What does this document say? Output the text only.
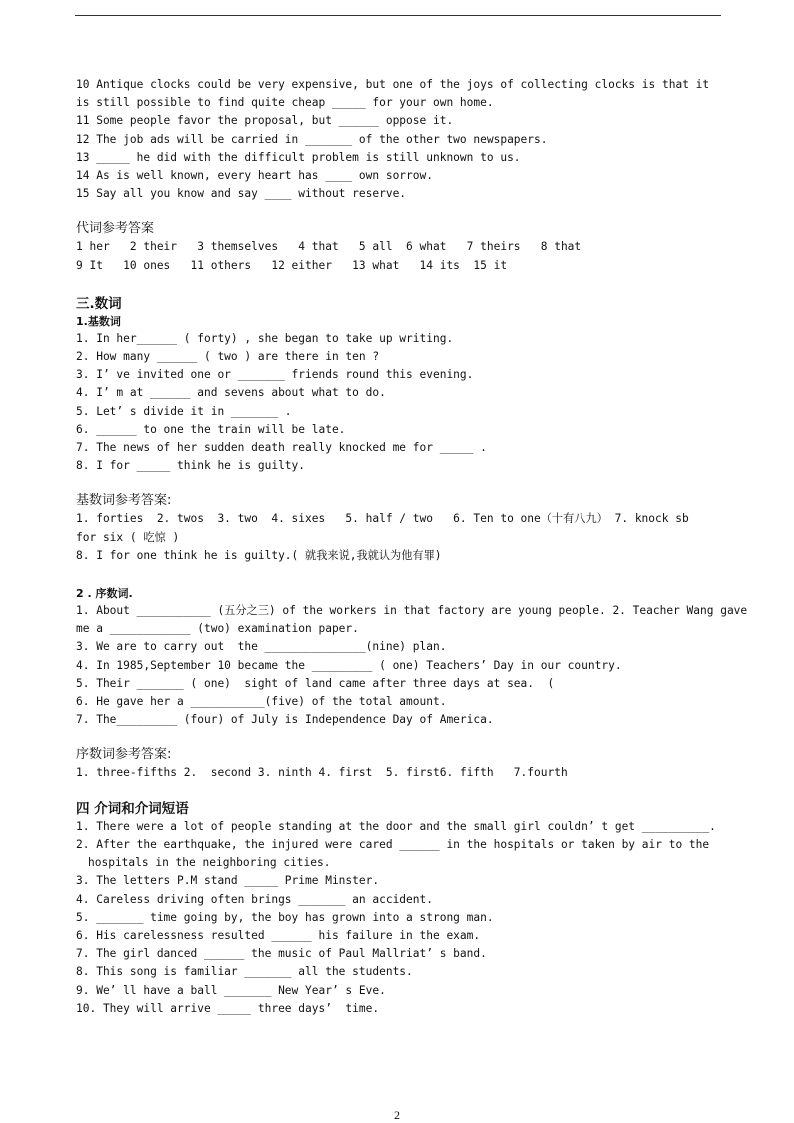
10 Antique clocks could be very expensive, but one of the joys of collecting clocks is that it
is still possible to find quite cheap _____ for your own home.
11 Some people favor the proposal, but ______ oppose it.
12 The job ads will be carried in _______ of the other two newspapers.
13 _____ he did with the difficult problem is still unknown to us.
14 As is well known, every heart has ____ own sorrow.
15 Say all you know and say ____ without reserve.
代词参考答案
1 her   2 their   3 themselves   4 that   5 all  6 what   7 theirs   8 that
9 It   10 ones   11 others   12 either   13 what   14 its  15 it
三.数词
1.基数词
1. In her______ ( forty) , she began to take up writing.
2. How many ______ ( two ) are there in ten ?
3. I’ ve invited one or _______ friends round this evening.
4. I’ m at ______ and sevens about what to do.
5. Let’ s divide it in _______ .
6. ______ to one the train will be late.
7. The news of her sudden death really knocked me for _____ .
8. I for _____ think he is guilty.
基数词参考答案:
1. forties  2. twos  3. two  4. sixes   5. half / two   6. Ten to one（十有八九） 7. knock sb
for six ( 吃惊 )
8. I for one think he is guilty.( 就我来说,我就认为他有罪)
2 . 序数词.
1. About ___________ (五分之三) of the workers in that factory are young people. 2. Teacher Wang gave me a ____________ (two) examination paper.
3. We are to carry out  the _______________(nine) plan.
4. In 1985,September 10 became the _________ ( one) Teachers’ Day in our country.
5. Their _______ ( one)  sight of land came after three days at sea.  (
6. He gave her a ___________(five) of the total amount.
7. The_________ (four) of July is Independence Day of America.
序数词参考答案:
1. three-fifths 2.  second 3. ninth 4. first  5. first6. fifth   7.fourth
四 介词和介词短语
1. There were a lot of people standing at the door and the small girl couldn’ t get __________.
2. After the earthquake, the injured were cared ______ in the hospitals or taken by air to the hospitals in the neighboring cities.
3. The letters P.M stand _____ Prime Minster.
4. Careless driving often brings _______ an accident.
5. _______ time going by, the boy has grown into a strong man.
6. His carelessness resulted ______ his failure in the exam.
7. The girl danced ______ the music of Paul Mallriat’ s band.
8. This song is familiar _______ all the students.
9. We’ ll have a ball _______ New Year’ s Eve.
10. They will arrive _____ three days’  time.
2
